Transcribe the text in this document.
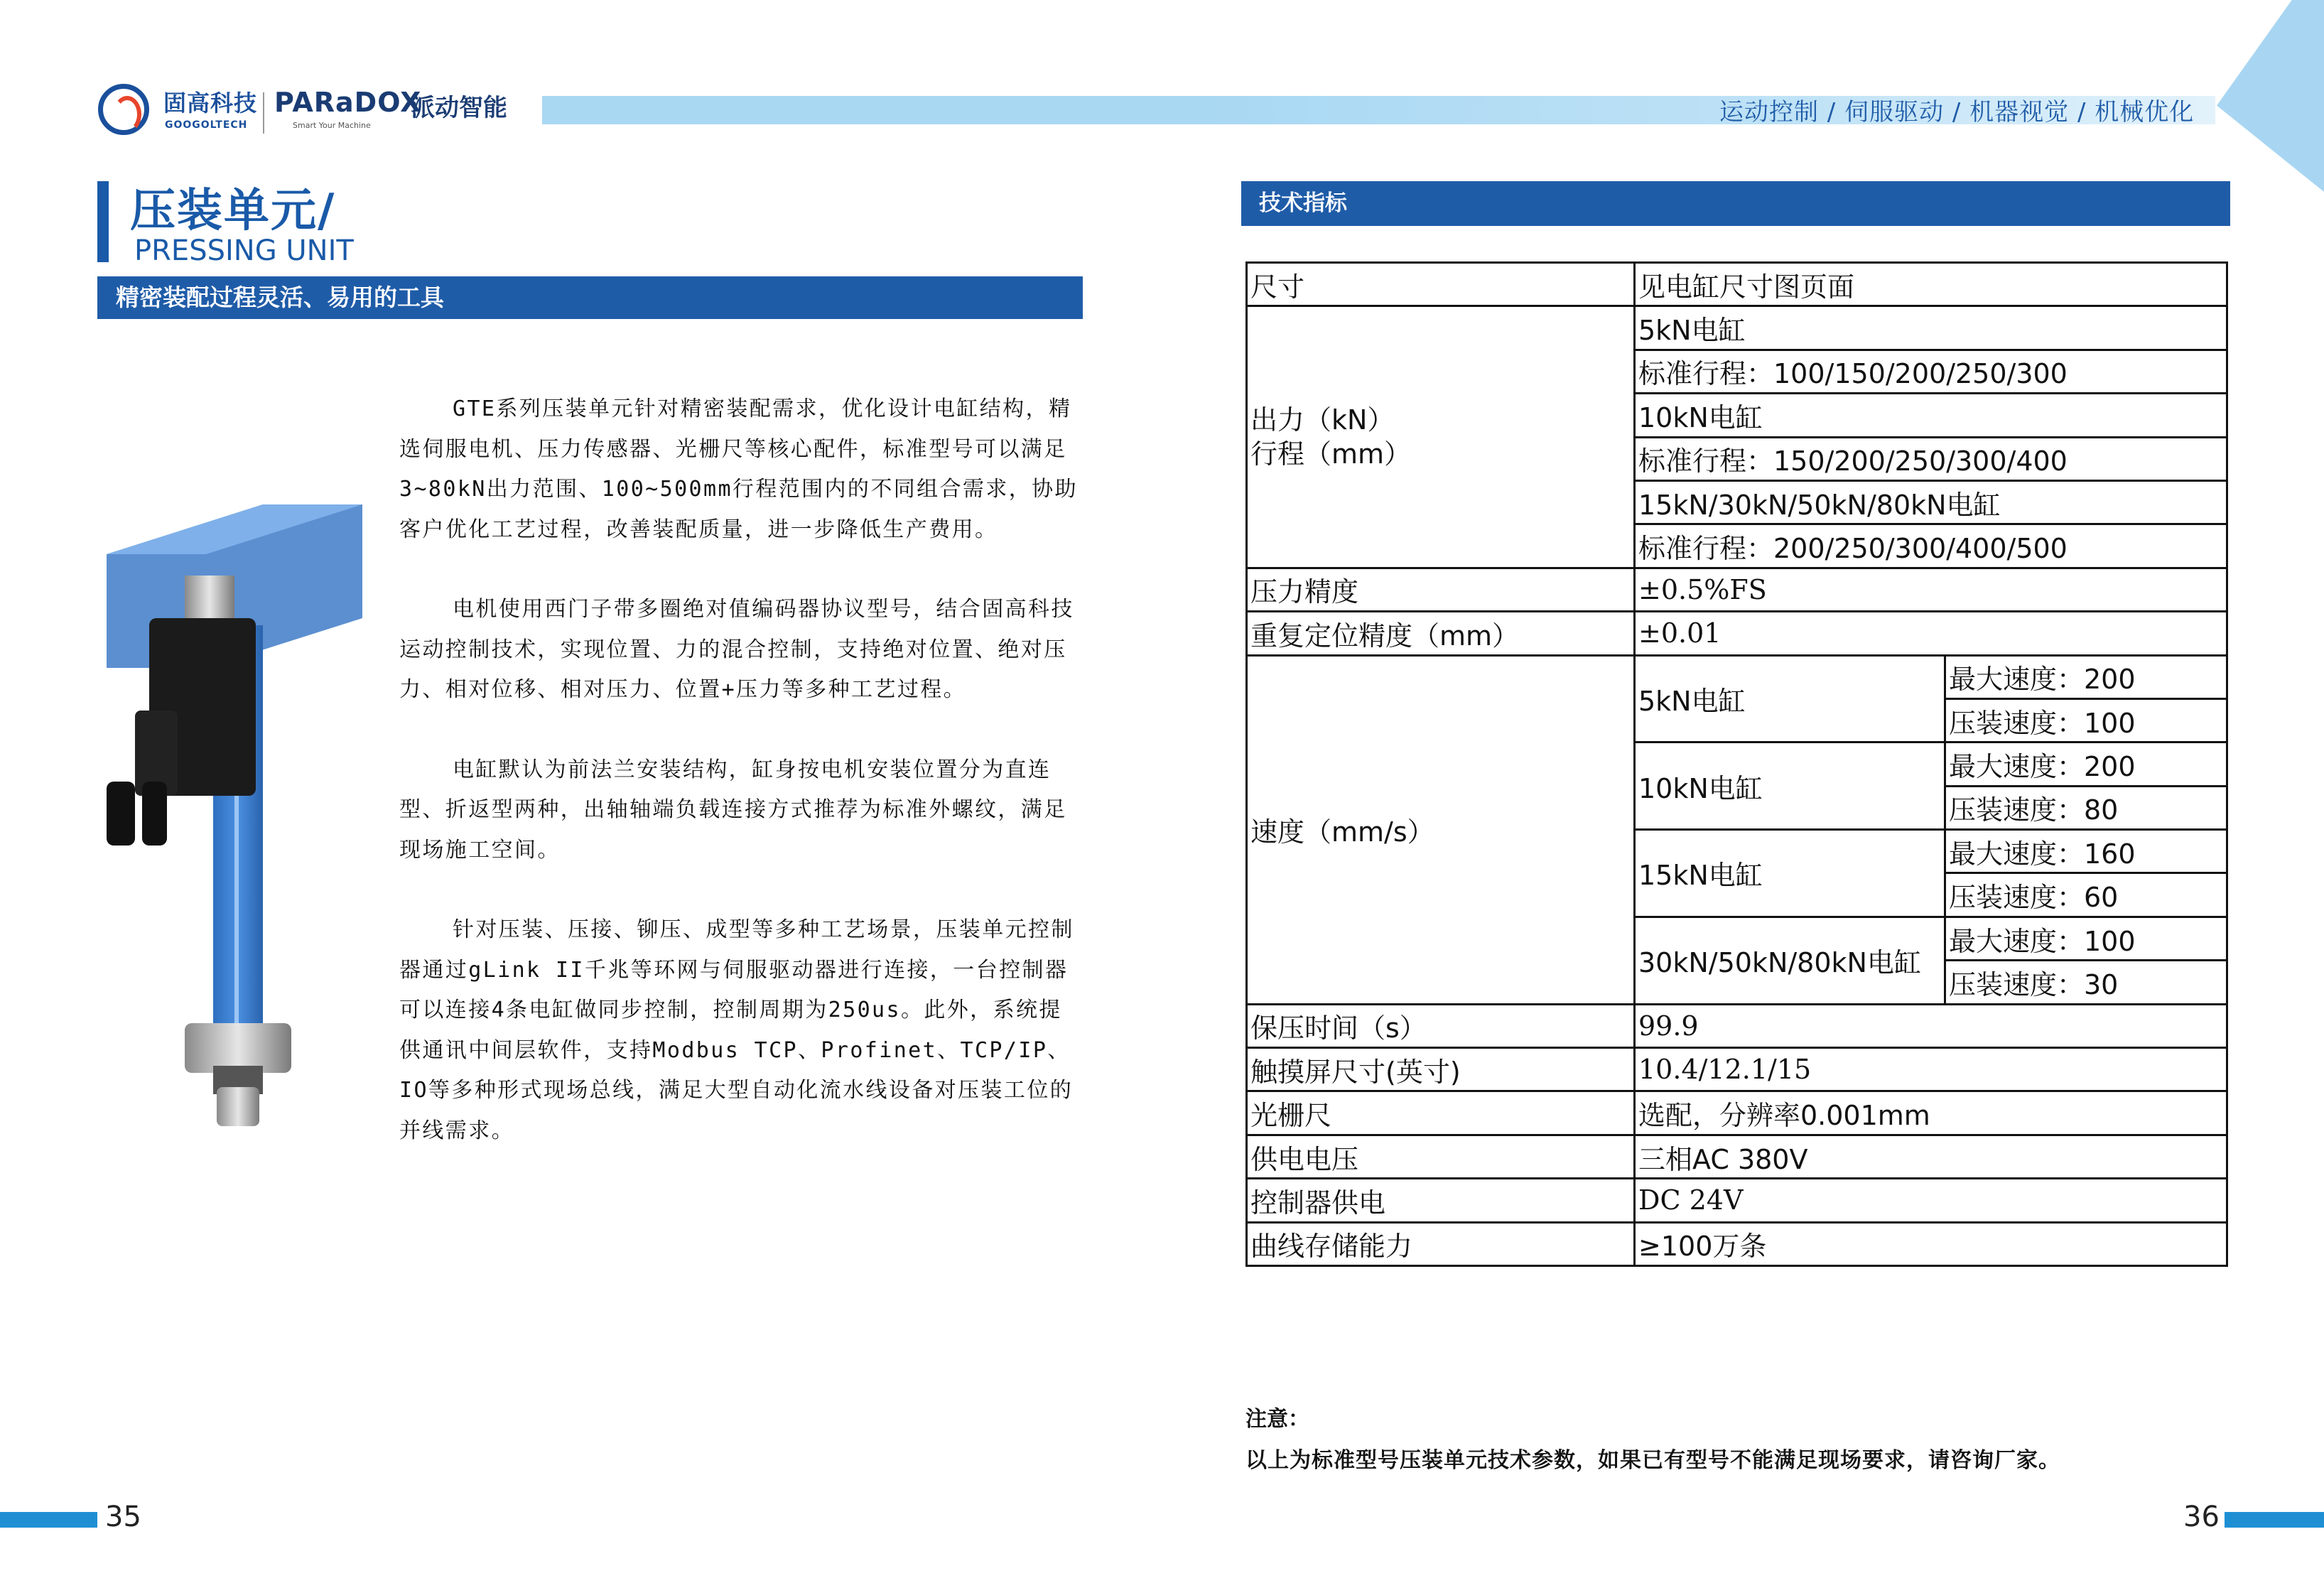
固高科技
GOOGOLTECH
PARaDOX
派动智能
Smart Your Machine	运动控制 / 伺服驱动 / 机器视觉 / 机械优化
压装单元/
PRESSING UNIT
精密装配过程灵活、易用的工具

GTE系列压装单元针对精密装配需求，优化设计电缸结构，精选伺服电机、压力传感器、光栅尺等核心配件，标准型号可以满足3~80kN出力范围、100~500mm行程范围内的不同组合需求，协助客户优化工艺过程，改善装配质量，进一步降低生产费用。

电机使用西门子带多圈绝对值编码器协议型号，结合固高科技运动控制技术，实现位置、力的混合控制，支持绝对位置、绝对压力、相对位移、相对压力、位置+压力等多种工艺过程。

电缸默认为前法兰安装结构，缸身按电机安装位置分为直连型、折返型两种，出轴轴端负载连接方式推荐为标准外螺纹，满足现场施工空间。

针对压装、压接、铆压、成型等多种工艺场景，压装单元控制器通过gLink II千兆等环网与伺服驱动器进行连接，一台控制器可以连接4条电缸做同步控制，控制周期为250us。此外，系统提供通讯中间层软件，支持Modbus TCP、Profinet、TCP/IP、IO等多种形式现场总线，满足大型自动化流水线设备对压装工位的并线需求。

技术指标
尺寸	见电缸尺寸图页面	
出力（kN）
行程（mm）	5kN电缸	
	标准行程：100/150/200/250/300	
	10kN电缸	
	标准行程：150/200/250/300/400	
	15kN/30kN/50kN/80kN电缸	
	标准行程：200/250/300/400/500	
压力精度	±0.5%FS	
重复定位精度（mm）	±0.01	
速度（mm/s）	5kN电缸	最大速度：200
		压装速度：100
	10kN电缸	最大速度：200
		压装速度：80
	15kN电缸	最大速度：160
		压装速度：60
	30kN/50kN/80kN电缸	最大速度：100
		压装速度：30
保压时间（s）	99.9	
触摸屏尺寸(英寸)	10.4/12.1/15	
光栅尺	选配，分辨率0.001mm	
供电电压	三相AC 380V	
控制器供电	DC 24V	
曲线存储能力	≥100万条	
注意：
以上为标准型号压装单元技术参数，如果已有型号不能满足现场要求，请咨询厂家。
35	36
